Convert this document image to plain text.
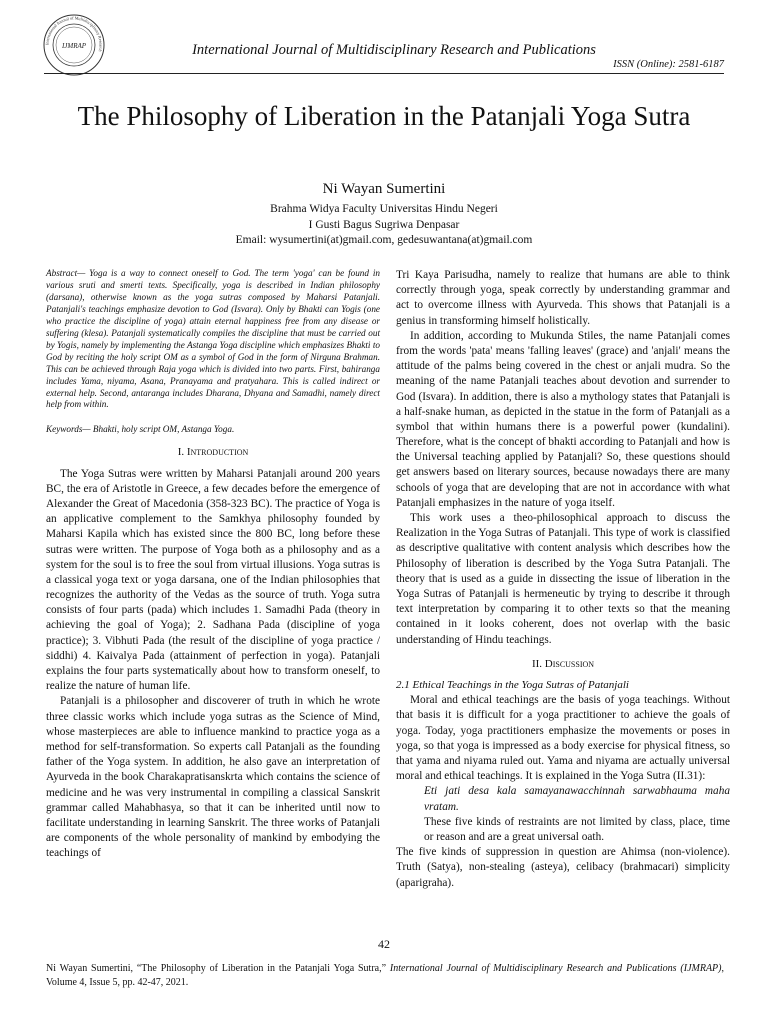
International Journal of Multidisciplinary Research
IJMRAP	International Journal of Multidisciplinary Research and Publications
ISSN (Online): 2581-6187
The Philosophy of Liberation in the Patanjali Yoga Sutra
Ni Wayan Sumertini
Brahma Widya Faculty Universitas Hindu Negeri
I Gusti Bagus Sugriwa Denpasar
Email: wysumertini(at)gmail.com, gedesuwantana(at)gmail.com

Abstract— Yoga is a way to connect oneself to God. The term 'yoga' can be found in various sruti and smerti texts. Specifically, yoga is described in Indian philosophy (darsana), otherwise known as the yoga sutras composed by Maharsi Patanjali. Patanjali's teachings emphasize devotion to God (Isvara). Only by Bhakti can Yogis (one who practice the discipline of yoga) attain eternal happiness free from any disease or suffering (klesa). Patanjali systematically compiles the discipline that must be carried out by Yogis, namely by implementing the Astanga Yoga discipline which emphasizes Bhakti to God by reciting the holy script OM as a symbol of God in the form of Nirguna Brahman. This can be achieved through Raja yoga which is divided into two parts. First, bahiranga includes Yama, niyama, Asana, Pranayama and pratyahara. This is called indirect or external help. Second, antaranga includes Dharana, Dhyana and Samadhi, namely direct help from within.

Keywords— Bhakti, holy script OM, Astanga Yoga.

I. Introduction

The Yoga Sutras were written by Maharsi Patanjali around 200 years BC, the era of Aristotle in Greece, a few decades before the emergence of Alexander the Great of Macedonia (358-323 BC). The practice of Yoga is an applicative complement to the Samkhya philosophy founded by Maharsi Kapila which has existed since the 800 BC, long before these sutras were written. The purpose of Yoga both as a philosophy and as a system for the soul is to free the soul from virtual illusions. Yoga sutras is a classical yoga text or yoga darsana, one of the Indian philosophies that recognizes the authority of the Vedas as the source of truth. Yoga sutra consists of four parts (pada) which includes 1. Samadhi Pada (theory in achieving the goal of Yoga); 2. Sadhana Pada (discipline of yoga practice); 3. Vibhuti Pada (the result of the discipline of yoga practice / siddhi) 4. Kaivalya Pada (attainment of perfection in yoga). Patanjali explains the four parts systematically about how to transform oneself, to realize the nature of human life.

Patanjali is a philosopher and discoverer of truth in which he wrote three classic works which include yoga sutras as the Science of Mind, whose masterpieces are able to influence mankind to practice yoga as a method for self-transformation. So experts call Patanjali as the founding father of the Yoga system. In addition, he also gave an interpretation of Ayurveda in the book Charakapratisanskrta which contains the science of medicine and he was very instrumental in compiling a classical Sanskrit grammar called Mahabhasya, so that it can be inherited until now to facilitate understanding in learning Sanskrit. The three works of Patanjali are components of the whole personality of mankind by embodying the teachings of

Tri Kaya Parisudha, namely to realize that humans are able to think correctly through yoga, speak correctly by understanding grammar and act to overcome illness with Ayurveda. This shows that Patanjali is a genius in transforming himself holistically.

In addition, according to Mukunda Stiles, the name Patanjali comes from the words 'pata' means 'falling leaves' (grace) and 'anjali' means the attitude of the palms being covered in the chest or anjali mudra. So the meaning of the name Patanjali teaches about devotion and surrender to God (Isvara). In addition, there is also a mythology states that Patanjali is a half-snake human, as depicted in the statue in the form of Patanjali as a symbol that within humans there is a powerful power (kundalini). Therefore, what is the concept of bhakti according to Patanjali and how is the Universal teaching applied by Patanjali? So, these questions should get answers based on literary sources, because nowadays there are many schools of yoga that are developing that are not in accordance with what Patanjali emphasizes in the nature of yoga itself.

This work uses a theo-philosophical approach to discuss the Realization in the Yoga Sutras of Patanjali. This type of work is classified as descriptive qualitative with content analysis which describes how the Philosophy of liberation is described by the Yoga Sutra Patanjali. The theory that is used as a guide in dissecting the issue of liberation in the Yoga Sutras of Patanjali is hermeneutic by trying to describe it through text interpretation by comparing it to other texts so that the meaning contained in it looks coherent, does not overlap with the basic understanding of Hindu teachings.

II. Discussion

2.1 Ethical Teachings in the Yoga Sutras of Patanjali

Moral and ethical teachings are the basis of yoga teachings. Without that basis it is difficult for a yoga practitioner to achieve the goals of yoga. Today, yoga practitioners emphasize the movements or poses in yoga, so that yoga is impressed as a body exercise for physical fitness, so that yama and niyama ruled out. Yama and niyama are actually universal moral and ethical teachings. It is explained in the Yoga Sutra (II.31):

Eti jati desa kala samayanawacchinnah sarwabhauma maha vratam.

These five kinds of restraints are not limited by class, place, time or reason and are a great universal oath.

The five kinds of suppression in question are Ahimsa (non-violence). Truth (Satya), non-stealing (asteya), celibacy (brahmacari) simplicity (aparigraha).

42
Ni Wayan Sumertini, “The Philosophy of Liberation in the Patanjali Yoga Sutra,” International Journal of Multidisciplinary Research and Publications (IJMRAP), Volume 4, Issue 5, pp. 42-47, 2021.
